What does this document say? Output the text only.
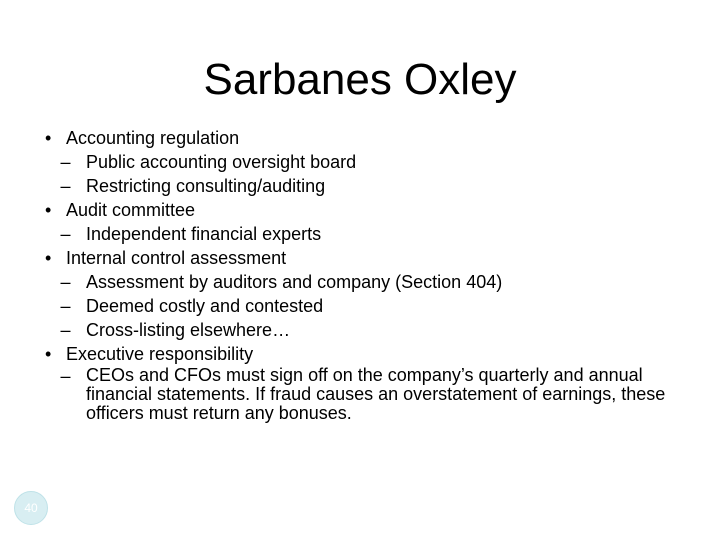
Sarbanes Oxley
• Accounting regulation
– Public accounting oversight board
– Restricting consulting/auditing
• Audit committee
– Independent financial experts
• Internal control assessment
– Assessment by auditors and company (Section 404)
– Deemed costly and contested
– Cross-listing elsewhere…
• Executive responsibility
– CEOs and CFOs must sign off on the company’s quarterly and annual financial statements. If fraud causes an overstatement of earnings, these officers must return any bonuses.
40
